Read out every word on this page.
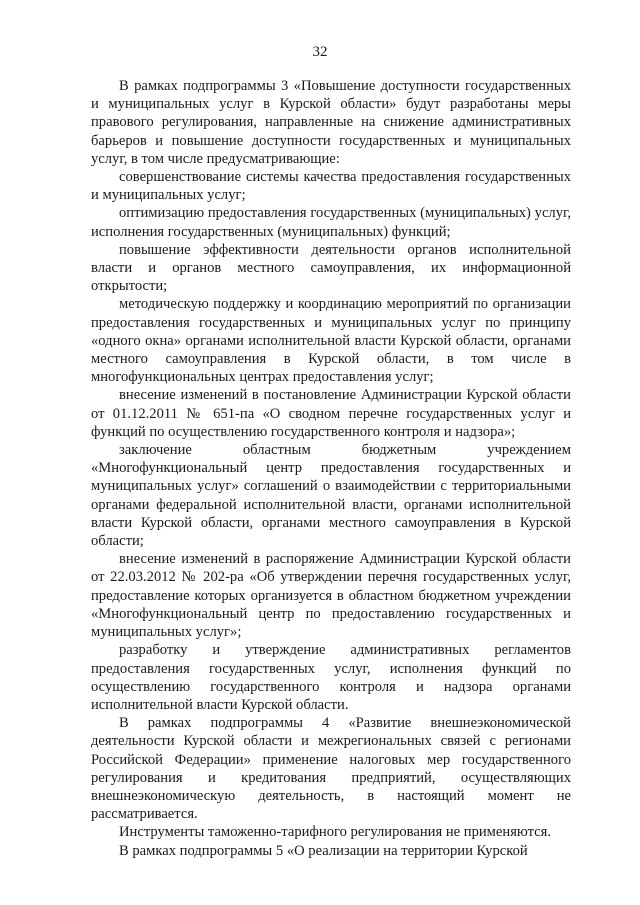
32

В рамках подпрограммы 3 «Повышение доступности государственных и муниципальных услуг в Курской области» будут разработаны меры правового регулирования, направленные на снижение административных барьеров и повышение доступности государственных и муниципальных услуг, в том числе предусматривающие:

совершенствование системы качества предоставления государственных и муниципальных услуг;

оптимизацию предоставления государственных (муниципальных) услуг, исполнения государственных (муниципальных) функций;

повышение эффективности деятельности органов исполнительной власти и органов местного самоуправления, их информационной открытости;

методическую поддержку и координацию мероприятий по организации предоставления государственных и муниципальных услуг по принципу «одного окна» органами исполнительной власти Курской области, органами местного самоуправления в Курской области, в том числе в многофункциональных центрах предоставления услуг;

внесение изменений в постановление Администрации Курской области от 01.12.2011 № 651-па «О сводном перечне государственных услуг и функций по осуществлению государственного контроля и надзора»;

заключение областным бюджетным учреждением «Многофункциональный центр предоставления государственных и муниципальных услуг» соглашений о взаимодействии с территориальными органами федеральной исполнительной власти, органами исполнительной власти Курской области, органами местного самоуправления в Курской области;

внесение изменений в распоряжение Администрации Курской области от 22.03.2012 № 202-ра «Об утверждении перечня государственных услуг, предоставление которых организуется в областном бюджетном учреждении «Многофункциональный центр по предоставлению государственных и муниципальных услуг»;

разработку и утверждение административных регламентов предоставления государственных услуг, исполнения функций по осуществлению государственного контроля и надзора органами исполнительной власти Курской области.

В рамках подпрограммы 4 «Развитие внешнеэкономической деятельности Курской области и межрегиональных связей с регионами Российской Федерации» применение налоговых мер государственного регулирования и кредитования предприятий, осуществляющих внешнеэкономическую деятельность, в настоящий момент не рассматривается.

Инструменты таможенно-тарифного регулирования не применяются.

В рамках подпрограммы 5 «О реализации на территории Курской
